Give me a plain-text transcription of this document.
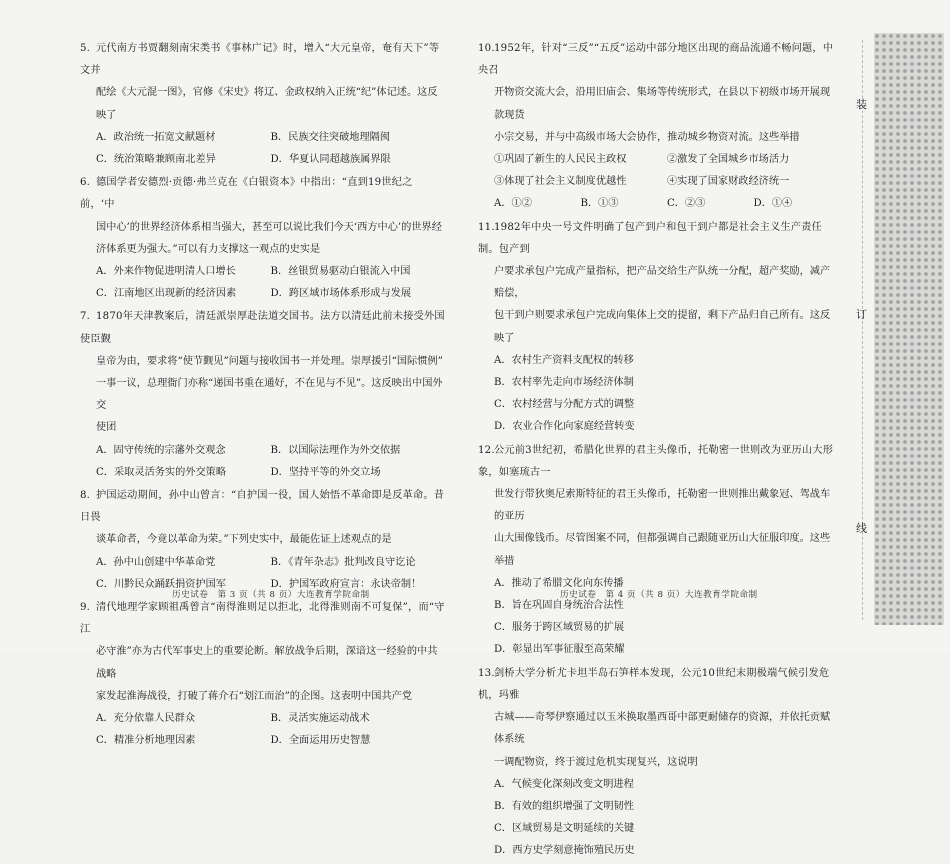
5. 元代南方书贾翻刻南宋类书《事林广记》时，增入“大元皇帝，奄有天下”等文并
配绘《大元混一图》，官修《宋史》将辽、金政权纳入正统“纪”体记述。这反映了
A．政治统一拓宽文献题材	B．民族交往突破地理隔阂
C．统治策略兼顾南北差异	D．华夏认同超越族属界限
6. 德国学者安德烈·贡德·弗兰克在《白银资本》中指出：“直到19世纪之前，‘中
国中心’的世界经济体系相当强大，甚至可以说比我们今天‘西方中心’的世界经
济体系更为强大。”可以有力支撑这一观点的史实是
A．外来作物促进明清人口增长	B．丝银贸易驱动白银流入中国
C．江南地区出现新的经济因素	D．跨区域市场体系形成与发展
7. 1870年天津教案后，清廷派崇厚赴法道交国书。法方以清廷此前未接受外国使臣觐
皇帝为由，要求将“使节觐见”问题与接收国书一并处理。崇厚援引“国际惯例”
一事一议，总理衙门亦称“递国书重在通好，不在见与不见”。这反映出中国外交
使团
A．固守传统的宗藩外交观念	B．以国际法理作为外交依据
C．采取灵活务实的外交策略	D．坚持平等的外交立场
8. 护国运动期间，孙中山曾言：“自护国一役，国人始悟不革命即是反革命。昔日畏
谈革命者，今竟以革命为荣。”下列史实中，最能佐证上述观点的是
A．孙中山创建中华革命党	B．《青年杂志》批判改良守讫论
C．川黔民众踊跃捐资护国军	D．护国军政府宣言：永诀帝制！
9. 清代地理学家顾祖禹曾言“南得淮则足以拒北，北得淮则南不可复保”，而“守江
必守淮”亦为古代军事史上的重要论断。解放战争后期，深谙这一经验的中共战略
家发起淮海战役，打破了蒋介石“划江而治”的企图。这表明中国共产党
A．充分依靠人民群众	B．灵活实施运动战术
C．精准分析地理因素	D．全面运用历史智慧
历史试卷　第 3 页（共 8 页）大连教育学院命制
10.1952年，针对“三反”“五反”运动中部分地区出现的商品流通不畅问题，中央召
开物资交流大会，沿用旧庙会、集场等传统形式，在县以下初级市场开展现款现货
小宗交易，并与中高级市场大会协作，推动城乡物资对流。这些举措
①巩固了新生的人民民主政权	②激发了全国城乡市场活力
③体现了社会主义制度优越性	④实现了国家财政经济统一
A．①②	B．①③	C．②③	D．①④
11.1982年中央一号文件明确了包产到户和包干到户都是社会主义生产责任制。包产到
户要求承包户完成产量指标，把产品交给生产队统一分配，超产奖励，减产赔偿，
包干到户则要求承包户完成向集体上交的提留，剩下产品归自己所有。这反映了
A．农村生产资料支配权的转移
B．农村率先走向市场经济体制
C．农村经营与分配方式的调整
D．农业合作化向家庭经营转变
12.公元前3世纪初，希腊化世界的君主头像币，托勒密一世则改为亚历山大形象，如塞琉古一
世发行带狄奥尼索斯特征的君王头像币，托勒密一世则推出戴象冠、驾战车的亚历
山大围像钱币。尽管图案不同，但都强调自己跟随亚历山大征服印度。这些举措
A．推动了希腊文化向东传播
B．旨在巩固自身统治合法性
C．服务于跨区域贸易的扩展
D．彰显出军事征服至高荣耀
13.剑桥大学分析尤卡坦半岛石笋样本发现，公元10世纪末期极端气候引发危机，玛雅
古城——奇琴伊察通过以玉米换取墨西哥中部更耐储存的资源，并依托贡赋体系统
一调配物资，终于渡过危机实现复兴，这说明
A．气候变化深刻改变文明进程
B．有效的组织增强了文明韧性
C．区域贸易是文明延续的关键
D．西方史学刻意掩饰殖民历史
历史试卷　第 4 页（共 8 页）大连教育学院命制
装
订
线
